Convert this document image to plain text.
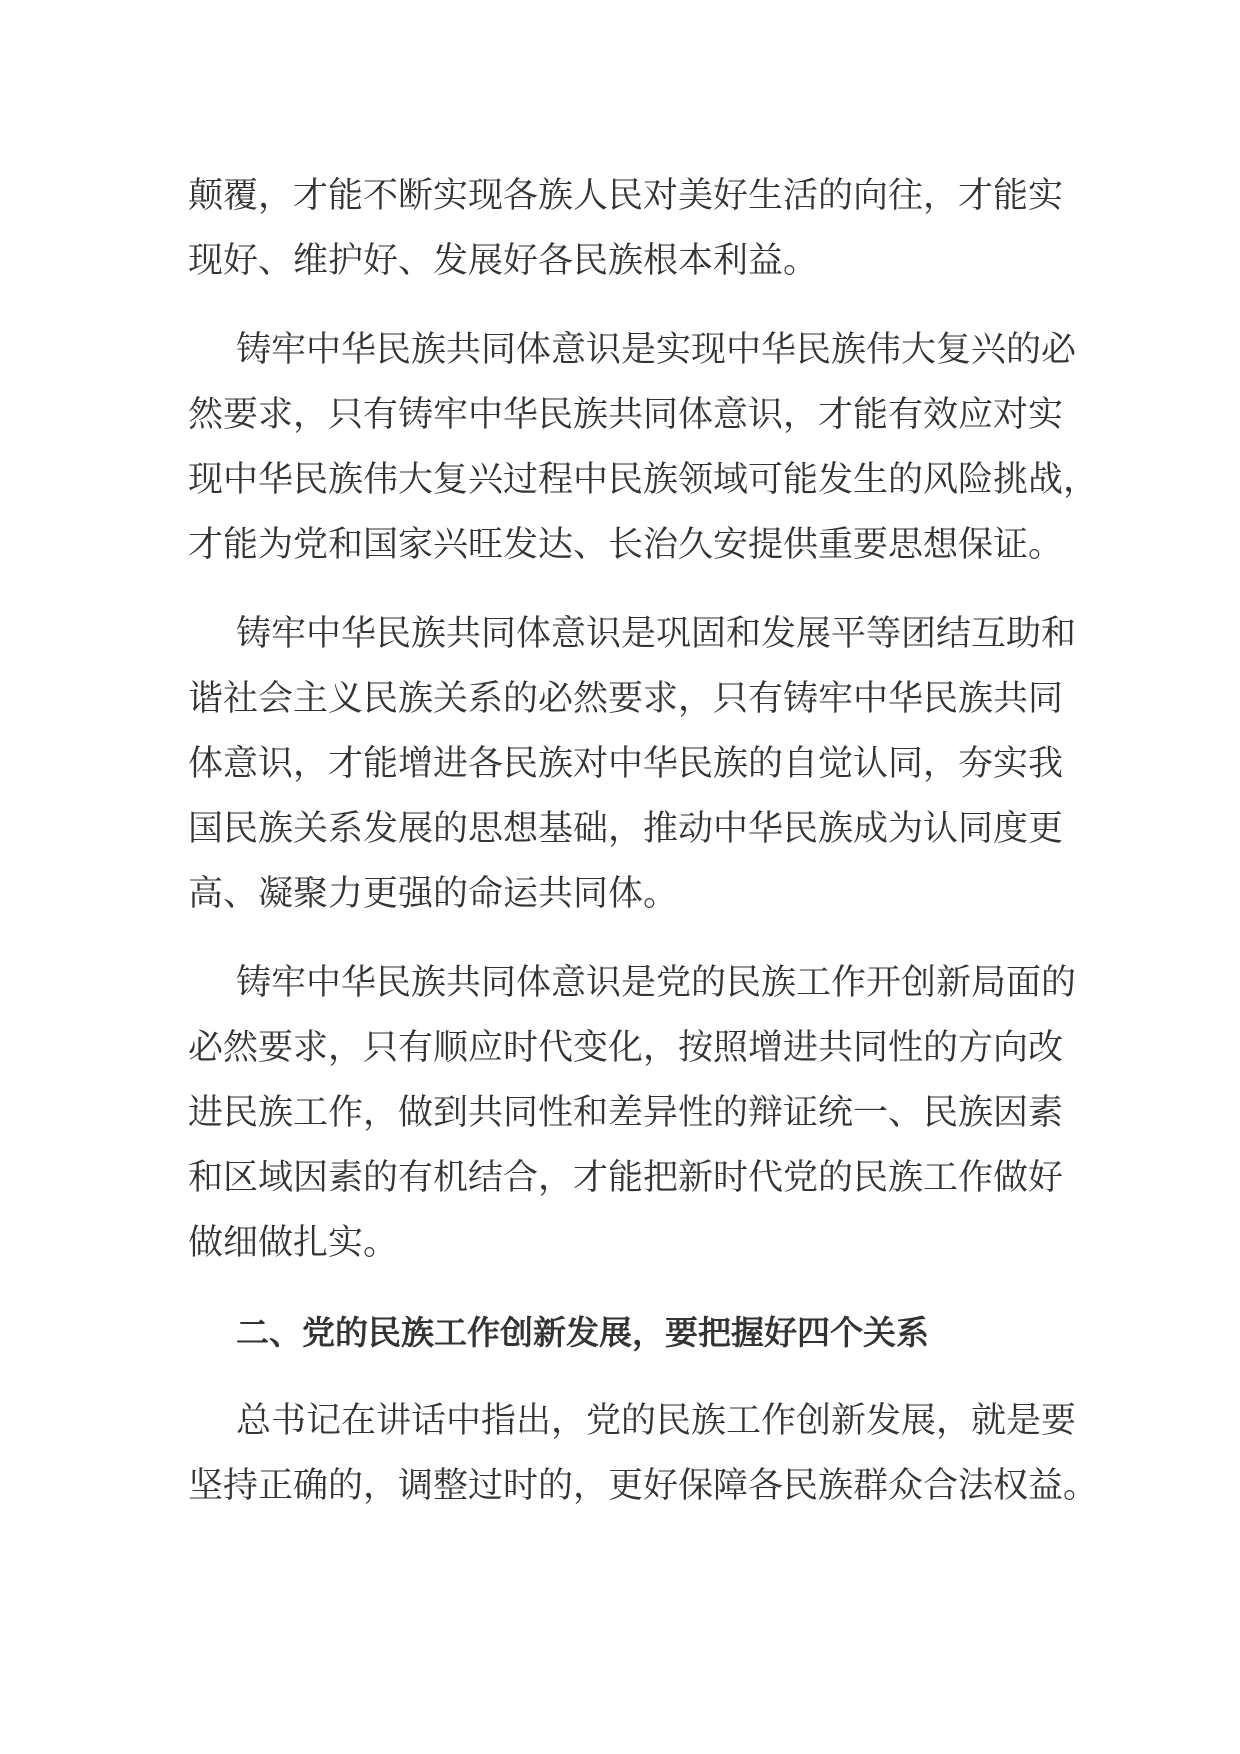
颠覆，才能不断实现各族人民对美好生活的向往，才能实
现好、维护好、发展好各民族根本利益。

铸牢中华民族共同体意识是实现中华民族伟大复兴的必
然要求，只有铸牢中华民族共同体意识，才能有效应对实
现中华民族伟大复兴过程中民族领域可能发生的风险挑战，
才能为党和国家兴旺发达、长治久安提供重要思想保证。

铸牢中华民族共同体意识是巩固和发展平等团结互助和
谐社会主义民族关系的必然要求，只有铸牢中华民族共同
体意识，才能增进各民族对中华民族的自觉认同，夯实我
国民族关系发展的思想基础，推动中华民族成为认同度更
高、凝聚力更强的命运共同体。

铸牢中华民族共同体意识是党的民族工作开创新局面的
必然要求，只有顺应时代变化，按照增进共同性的方向改
进民族工作，做到共同性和差异性的辩证统一、民族因素
和区域因素的有机结合，才能把新时代党的民族工作做好
做细做扎实。

二、党的民族工作创新发展，要把握好四个关系

总书记在讲话中指出，党的民族工作创新发展，就是要
坚持正确的，调整过时的，更好保障各民族群众合法权益。
